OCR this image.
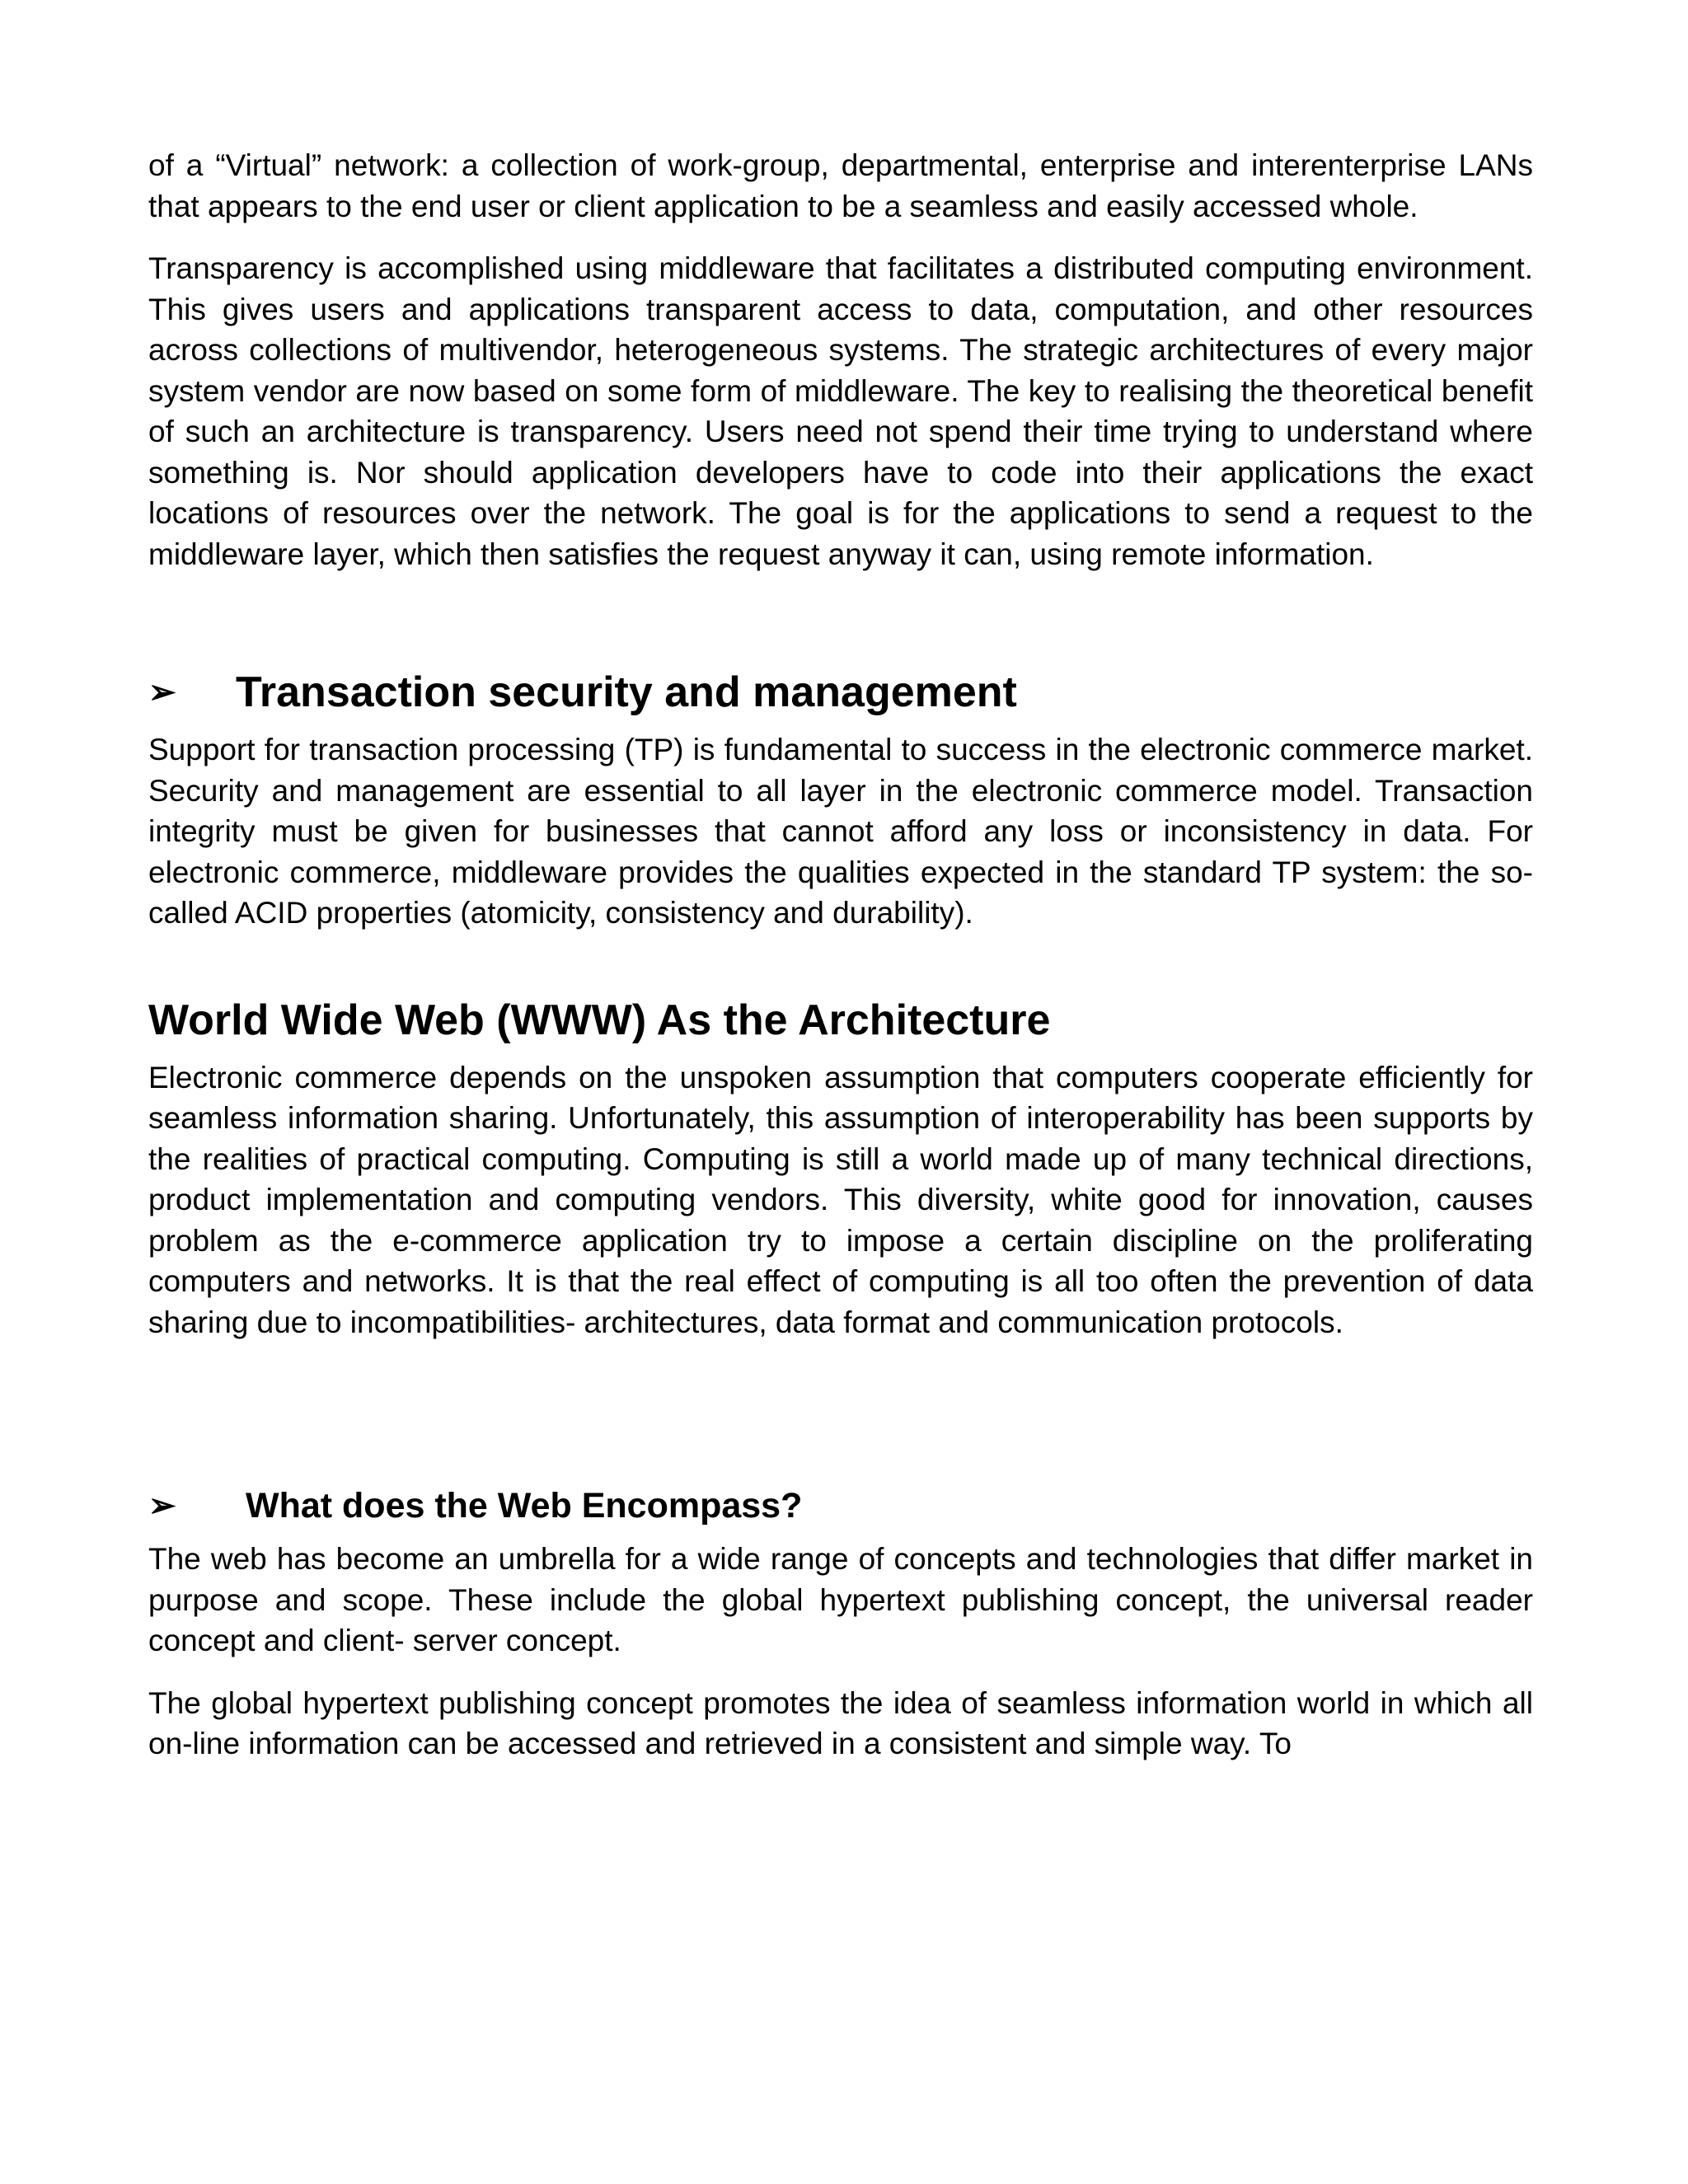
of a “Virtual” network: a collection of work-group, departmental, enterprise and interenterprise LANs that appears to the end user or client application to be a seamless and easily accessed whole.

Transparency is accomplished using middleware that facilitates a distributed computing environment. This gives users and applications transparent access to data, computation, and other resources across collections of multivendor, heterogeneous systems. The strategic architectures of every major system vendor are now based on some form of middleware. The key to realising the theoretical benefit of such an architecture is transparency. Users need not spend their time trying to understand where something is. Nor should application developers have to code into their applications the exact locations of resources over the network. The goal is for the applications to send a request to the middleware layer, which then satisfies the request anyway it can, using remote information.

➢	Transaction security and management

Support for transaction processing (TP) is fundamental to success in the electronic commerce market. Security and management are essential to all layer in the electronic commerce model. Transaction integrity must be given for businesses that cannot afford any loss or inconsistency in data. For electronic commerce, middleware provides the qualities expected in the standard TP system: the so-called ACID properties (atomicity, consistency and durability).

World Wide Web (WWW) As the Architecture

Electronic commerce depends on the unspoken assumption that computers cooperate efficiently for seamless information sharing. Unfortunately, this assumption of interoperability has been supports by the realities of practical computing. Computing is still a world made up of many technical directions, product implementation and computing vendors. This diversity, white good for innovation, causes problem as the e-commerce application try to impose a certain discipline on the proliferating computers and networks. It is that the real effect of computing is all too often the prevention of data sharing due to incompatibilities- architectures, data format and communication protocols.

➢	What does the Web Encompass?

The web has become an umbrella for a wide range of concepts and technologies that differ market in purpose and scope. These include the global hypertext publishing concept, the universal reader concept and client- server concept.

The global hypertext publishing concept promotes the idea of seamless information world in which all on-line information can be accessed and retrieved in a consistent and simple way. To
